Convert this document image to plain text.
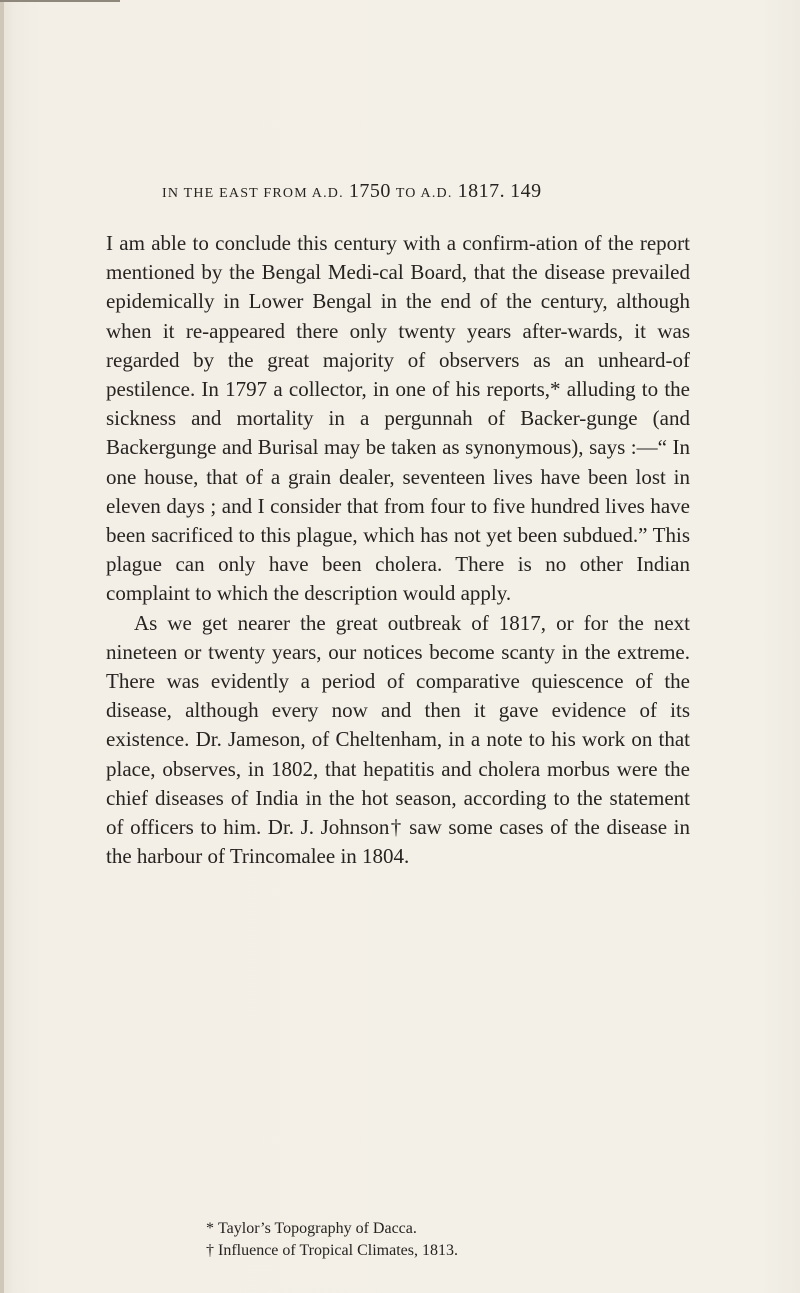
IN THE EAST FROM A.D. 1750 TO A.D. 1817. 149

I am able to conclude this century with a confirm-ation of the report mentioned by the Bengal Medi-cal Board, that the disease prevailed epidemically in Lower Bengal in the end of the century, although when it re-appeared there only twenty years after-wards, it was regarded by the great majority of observers as an unheard-of pestilence. In 1797 a collector, in one of his reports,* alluding to the sickness and mortality in a pergunnah of Backer-gunge (and Backergunge and Burisal may be taken as synonymous), says :—“ In one house, that of a grain dealer, seventeen lives have been lost in eleven days ; and I consider that from four to five hundred lives have been sacrificed to this plague, which has not yet been subdued.” This plague can only have been cholera. There is no other Indian complaint to which the description would apply.

As we get nearer the great outbreak of 1817, or for the next nineteen or twenty years, our notices become scanty in the extreme. There was evidently a period of comparative quiescence of the disease, although every now and then it gave evidence of its existence. Dr. Jameson, of Cheltenham, in a note to his work on that place, observes, in 1802, that hepatitis and cholera morbus were the chief diseases of India in the hot season, according to the statement of officers to him. Dr. J. Johnson† saw some cases of the disease in the harbour of Trincomalee in 1804.

* Taylor’s Topography of Dacca.
† Influence of Tropical Climates, 1813.
